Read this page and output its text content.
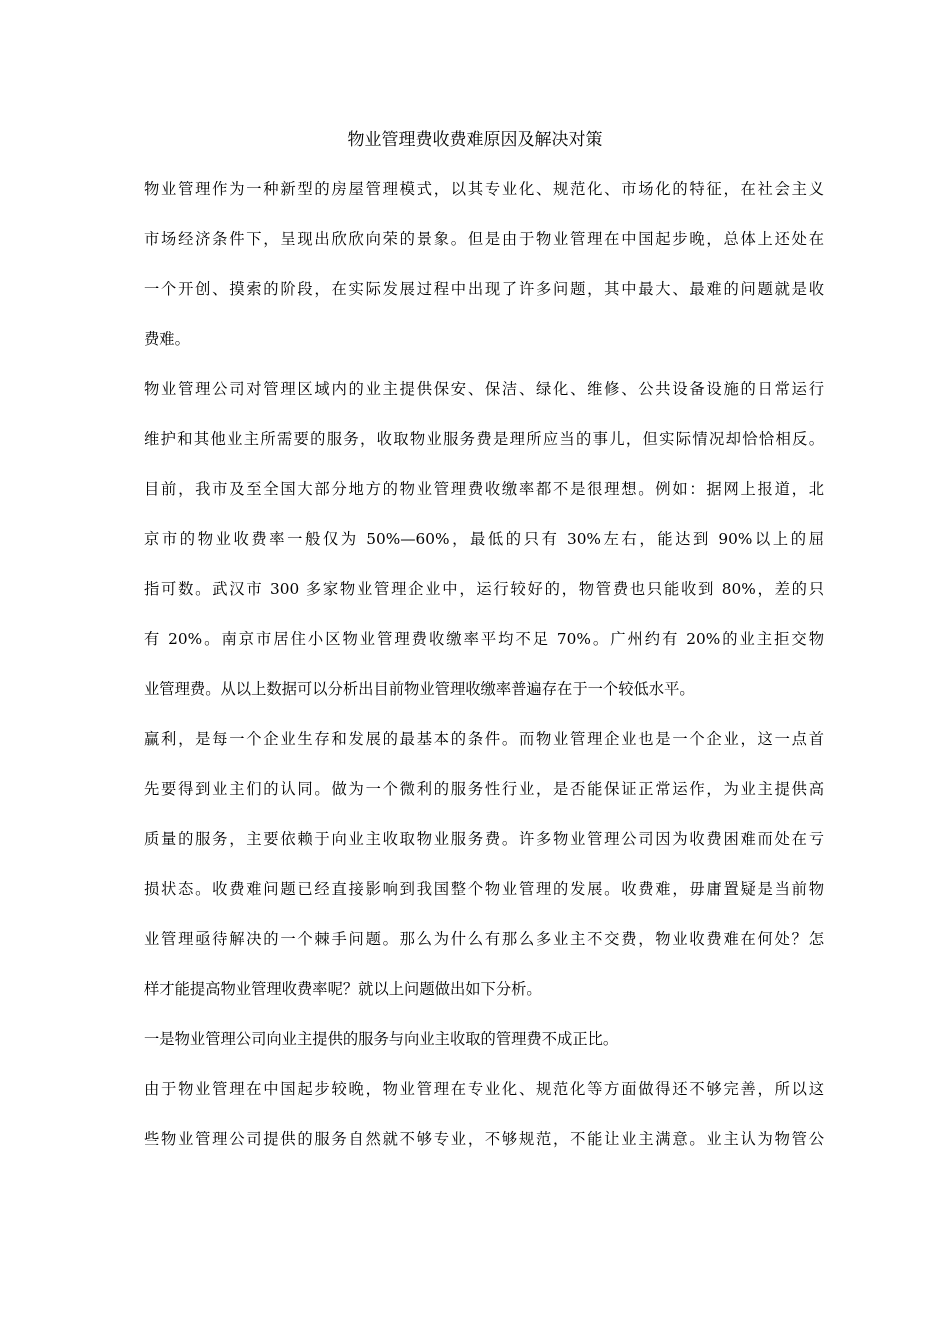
物业管理费收费难原因及解决对策
物业管理作为一种新型的房屋管理模式，以其专业化、规范化、市场化的特征，在社会主义
市场经济条件下，呈现出欣欣向荣的景象。但是由于物业管理在中国起步晚，总体上还处在
一个开创、摸索的阶段，在实际发展过程中出现了许多问题，其中最大、最难的问题就是收
费难。
物业管理公司对管理区域内的业主提供保安、保洁、绿化、维修、公共设备设施的日常运行
维护和其他业主所需要的服务，收取物业服务费是理所应当的事儿，但实际情况却恰恰相反。
目前，我市及至全国大部分地方的物业管理费收缴率都不是很理想。例如：据网上报道，北
京市的物业收费率一般仅为 50%—60%，最低的只有 30%左右，能达到 90%以上的屈
指可数。武汉市 300 多家物业管理企业中，运行较好的，物管费也只能收到 80%，差的只
有 20%。南京市居住小区物业管理费收缴率平均不足 70%。广州约有 20%的业主拒交物
业管理费。从以上数据可以分析出目前物业管理收缴率普遍存在于一个较低水平。
赢利，是每一个企业生存和发展的最基本的条件。而物业管理企业也是一个企业，这一点首
先要得到业主们的认同。做为一个微利的服务性行业，是否能保证正常运作，为业主提供高
质量的服务，主要依赖于向业主收取物业服务费。许多物业管理公司因为收费困难而处在亏
损状态。收费难问题已经直接影响到我国整个物业管理的发展。收费难，毋庸置疑是当前物
业管理亟待解决的一个棘手问题。那么为什么有那么多业主不交费，物业收费难在何处？怎
样才能提高物业管理收费率呢？就以上问题做出如下分析。
一是物业管理公司向业主提供的服务与向业主收取的管理费不成正比。
由于物业管理在中国起步较晚，物业管理在专业化、规范化等方面做得还不够完善，所以这
些物业管理公司提供的服务自然就不够专业，不够规范，不能让业主满意。业主认为物管公
